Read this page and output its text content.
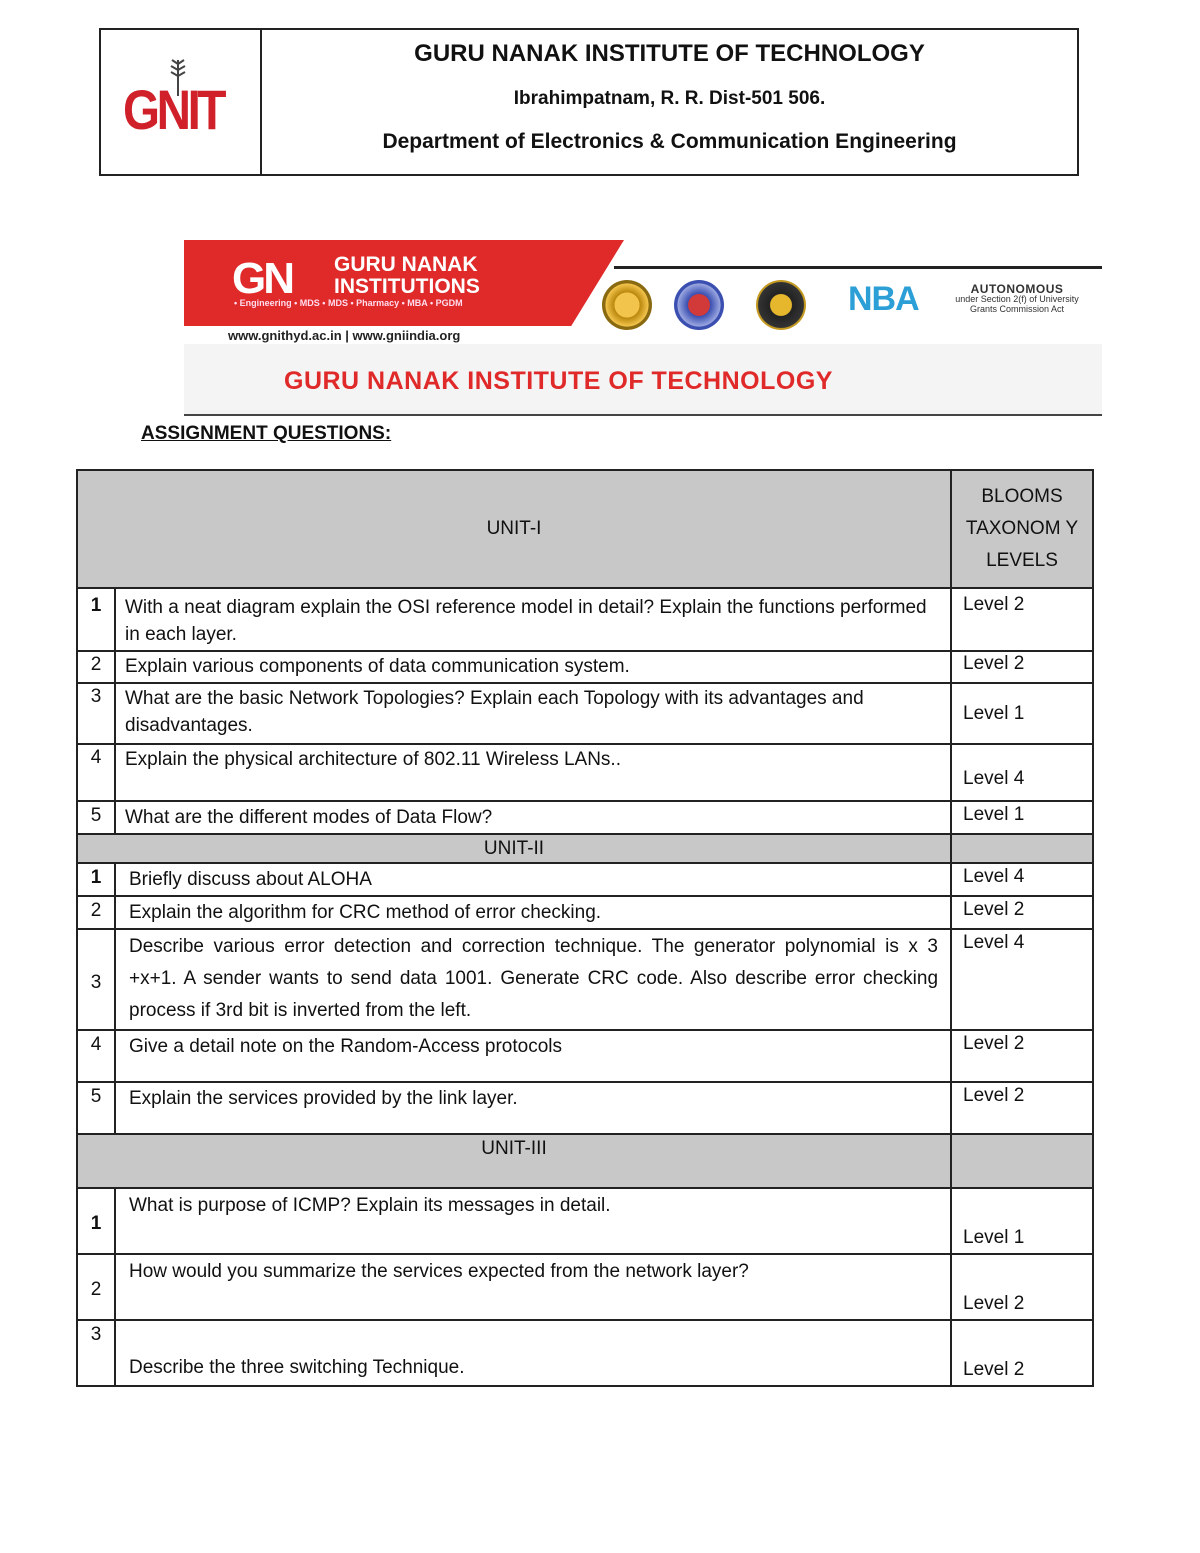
GNIT
GURU NANAK INSTITUTE OF TECHNOLOGY
Ibrahimpatnam, R. R. Dist-501 506.
Department of Electronics & Communication Engineering
GN GURU NANAK
INSTITUTIONS
• Engineering • MDS • MDS • Pharmacy • MBA • PGDM
www.gnithyd.ac.in | www.gniindia.org
NBA	AUTONOMOUS
under Section 2(f) of University Grants Commission Act
GURU NANAK INSTITUTE OF TECHNOLOGY
ASSIGNMENT QUESTIONS:
UNIT-I		BLOOMS TAXONOM Y LEVELS
1	With a neat diagram explain the OSI reference model in detail? Explain the functions performed in each layer.	Level 2
2	Explain various components of data communication system.	Level 2
3	What are the basic Network Topologies? Explain each Topology with its advantages and disadvantages.	Level 1
4	Explain the physical architecture of 802.11 Wireless LANs..	Level 4
5	What are the different modes of Data Flow?	Level 1
UNIT-II		
1	Briefly discuss about ALOHA	Level 4
2	Explain the algorithm for CRC method of error checking.	Level 2
3	Describe various error detection and correction technique. The generator polynomial is x 3 +x+1. A sender wants to send data 1001. Generate CRC code. Also describe error checking process if 3rd bit is inverted from the left.	Level 4
4	Give a detail note on the Random-Access protocols	Level 2
5	Explain the services provided by the link layer.	Level 2
UNIT-III		
1	What is purpose of ICMP? Explain its messages in detail.	Level 1
2	How would you summarize the services expected from the network layer?	Level 2
3	Describe the three switching Technique.	Level 2
